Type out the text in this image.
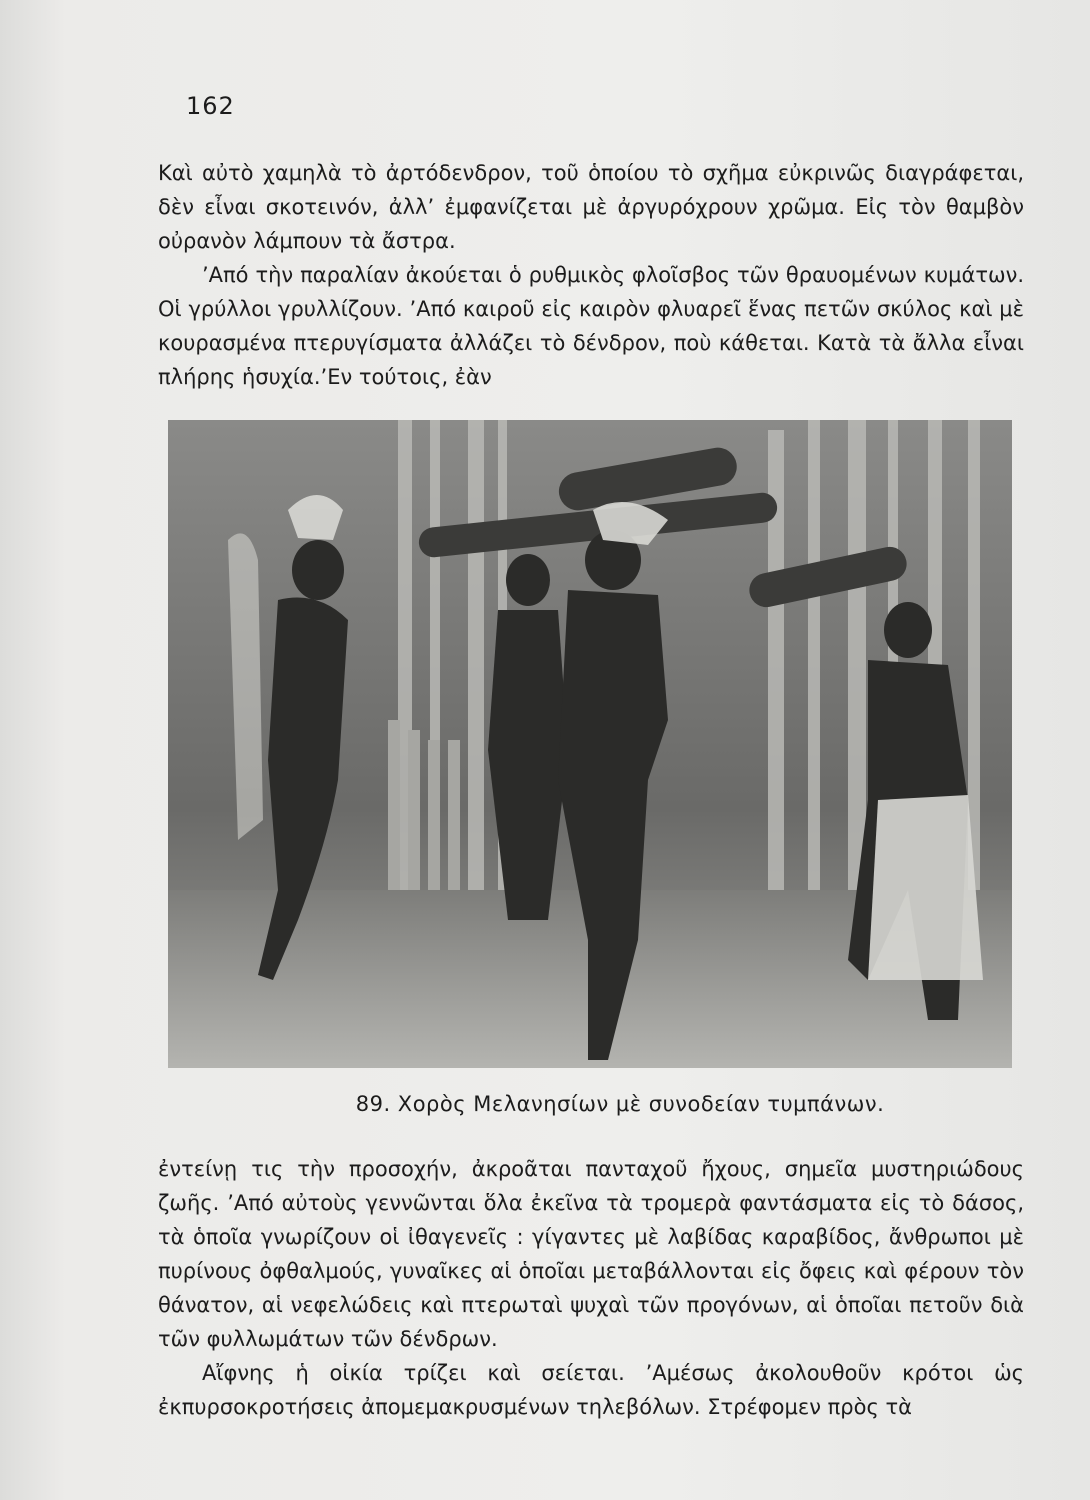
162

Καὶ αὐτὸ χαμηλὰ τὸ ἀρτόδενδρον, τοῦ ὁποίου τὸ σχῆμα εὐκρινῶς διαγράφεται, δὲν εἶναι σκοτεινόν, ἀλλ’ ἐμφανίζεται μὲ ἀργυρόχρουν χρῶμα. Εἰς τὸν θαμβὸν οὐρανὸν λάμπουν τὰ ἄστρα.

’Από τὴν παραλίαν ἀκούεται ὁ ρυθμικὸς φλοῖσβος τῶν θραυομένων κυμάτων. Οἱ γρύλλοι γρυλλίζουν. ’Από καιροῦ εἰς καιρὸν φλυαρεῖ ἕνας πετῶν σκύλος καὶ μὲ κουρασμένα πτερυγίσματα ἀλλάζει τὸ δένδρον, ποὺ κάθεται. Κατὰ τὰ ἄλλα εἶναι πλήρης ἡσυχία.’Εν τούτοις, ἐὰν

89. Χορὸς Μελανησίων μὲ συνοδείαν τυμπάνων.

ἐντείνῃ τις τὴν προσοχήν, ἀκροᾶται πανταχοῦ ἤχους, σημεῖα μυστηριώδους ζωῆς. ’Από αὐτοὺς γεννῶνται ὅλα ἐκεῖνα τὰ τρομερὰ φαντάσματα εἰς τὸ δάσος, τὰ ὁποῖα γνωρίζουν οἱ ἰθαγενεῖς : γίγαντες μὲ λαβίδας καραβίδος, ἄνθρωποι μὲ πυρίνους ὀφθαλμούς, γυναῖκες αἱ ὁποῖαι μεταβάλλονται εἰς ὄφεις καὶ φέρουν τὸν θάνατον, αἱ νεφελώδεις καὶ πτερωταὶ ψυχαὶ τῶν προγόνων, αἱ ὁποῖαι πετοῦν διὰ τῶν φυλλωμάτων τῶν δένδρων.

Αἴφνης ἡ οἰκία τρίζει καὶ σείεται. ’Αμέσως ἀκολουθοῦν κρότοι ὡς ἐκπυρσοκροτήσεις ἀπομεμακρυσμένων τηλεβόλων. Στρέφομεν πρὸς τὰ
